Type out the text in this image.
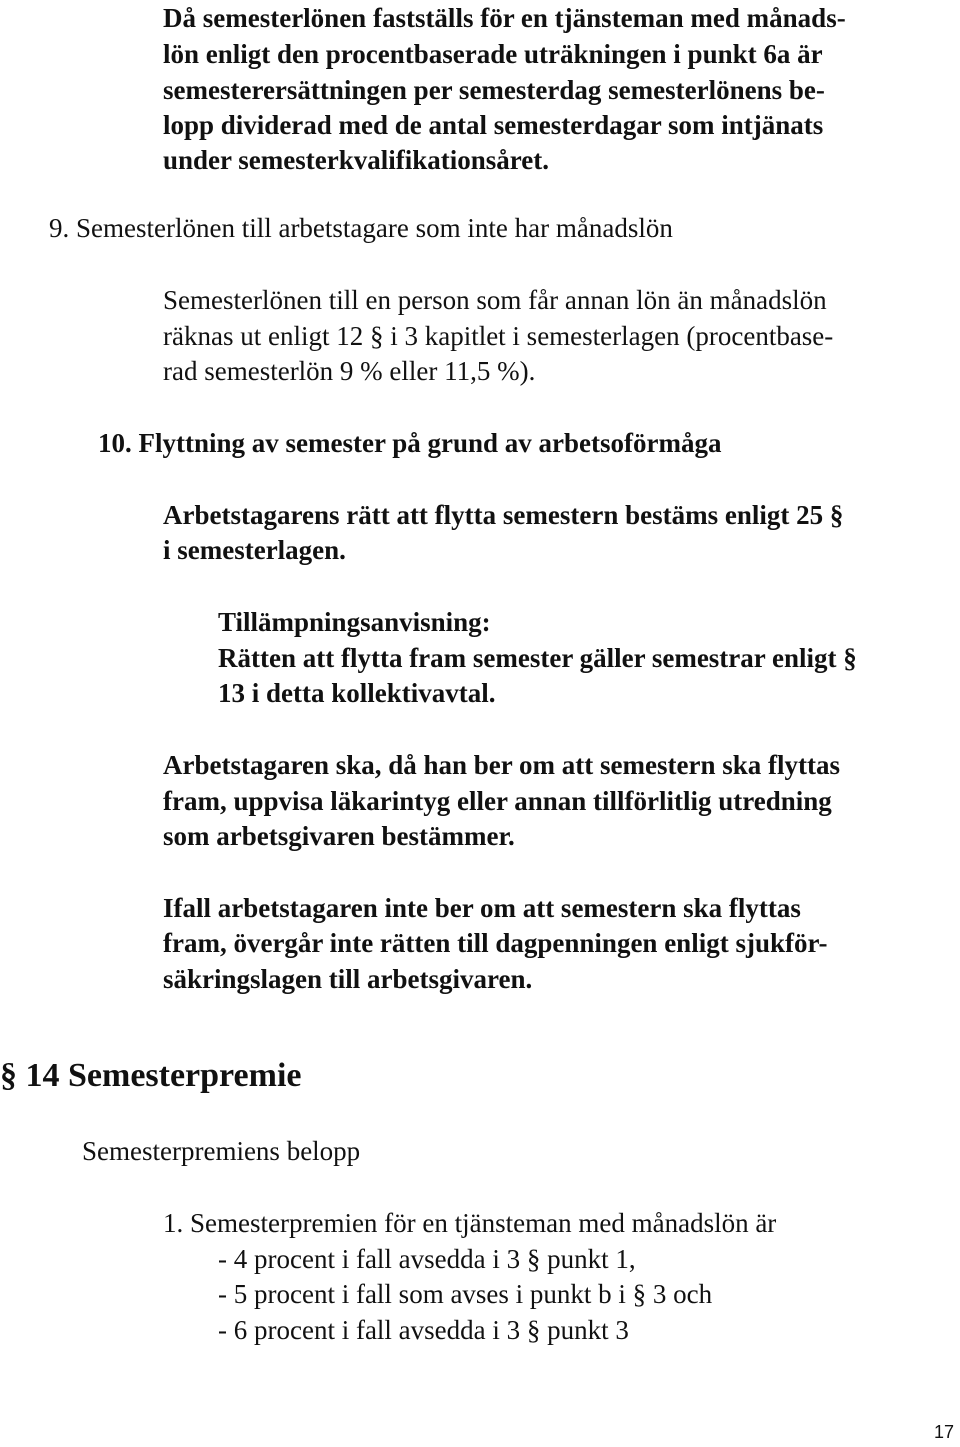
Då semesterlönen fastställs för en tjänsteman med månads-

lön enligt den procentbaserade uträkningen i punkt 6a är

semesterersättningen per semesterdag semesterlönens be-

lopp dividerad med de antal semesterdagar som intjänats

under semesterkvalifikationsåret.

9. Semesterlönen till arbetstagare som inte har månadslön

Semesterlönen till en person som får annan lön än månadslön

räknas ut enligt 12 § i 3 kapitlet i semesterlagen (procentbase-

rad semesterlön 9 % eller 11,5 %).

10. Flyttning av semester på grund av arbetsoförmåga

Arbetstagarens rätt att flytta semestern bestäms enligt 25 §

i semesterlagen.

Tillämpningsanvisning:

Rätten att flytta fram semester gäller semestrar enligt §

13 i detta kollektivavtal.

Arbetstagaren ska, då han ber om att semestern ska flyttas

fram, uppvisa läkarintyg eller annan tillförlitlig utredning

som arbetsgivaren bestämmer.

Ifall arbetstagaren inte ber om att semestern ska flyttas

fram, övergår inte rätten till dagpenningen enligt sjukför-

säkringslagen till arbetsgivaren.

§ 14 Semesterpremie

Semesterpremiens belopp

1. Semesterpremien för en tjänsteman med månadslön är

- 4 procent i fall avsedda i 3 § punkt 1,

- 5 procent i fall som avses i punkt b i § 3 och

- 6 procent i fall avsedda i 3 § punkt 3

17
